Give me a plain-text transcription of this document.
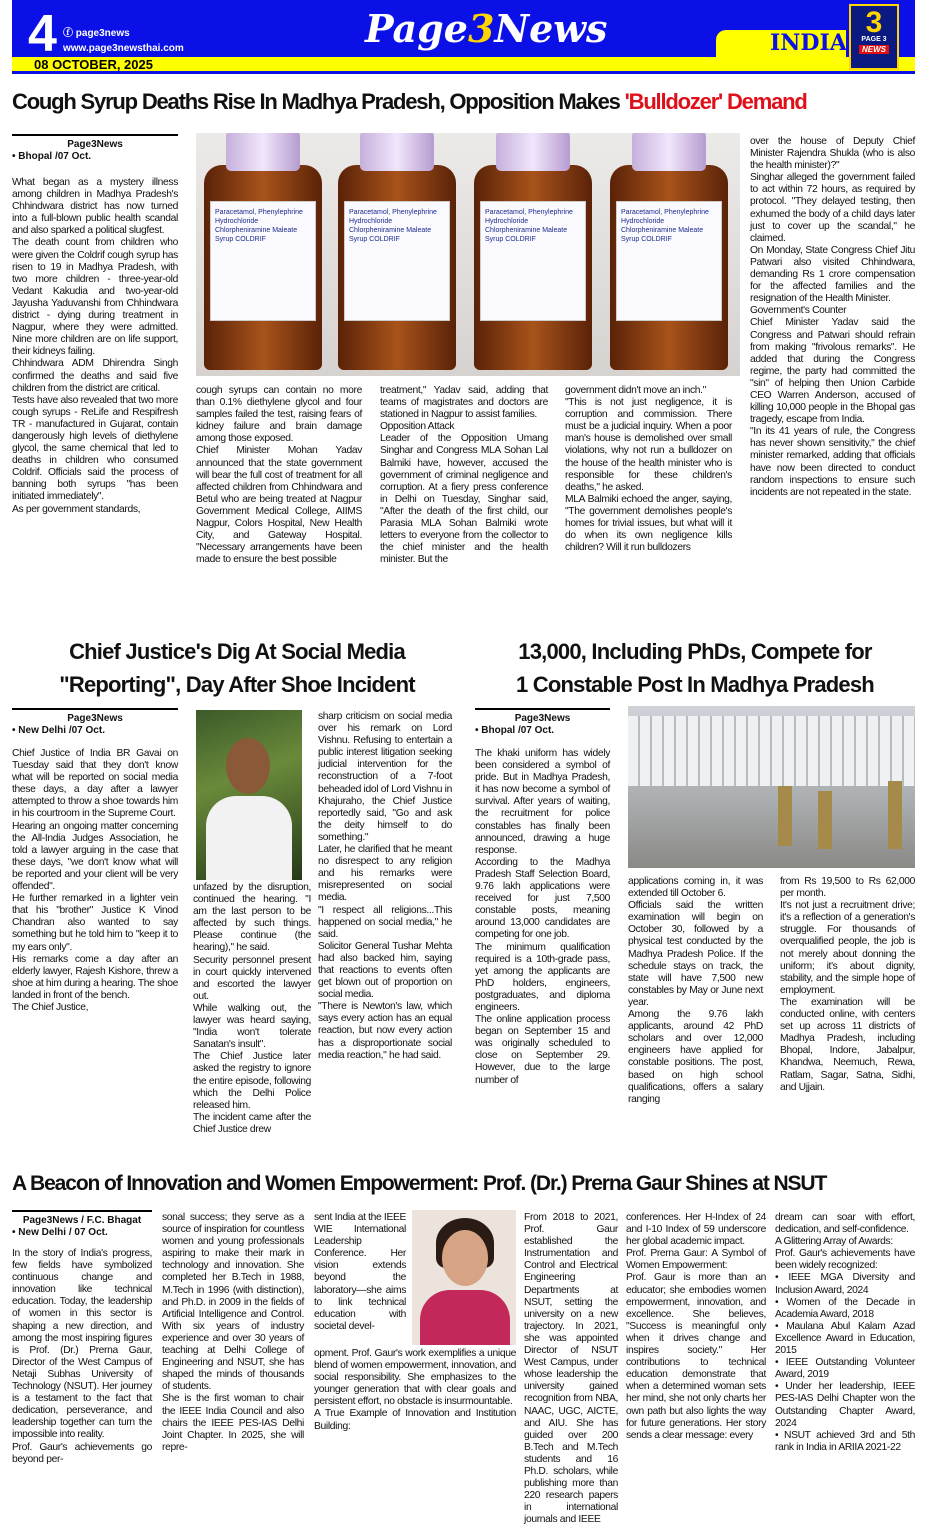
4 ⓕ page3news
www.page3newsthai.com
08 OCTOBER, 2025
Page3News	INDIA
3
PAGE 3
NEWS
Cough Syrup Deaths Rise In Madhya Pradesh, Opposition Makes 'Bulldozer' Demand
Page3News
• Bhopal /07 Oct.

What began as a mystery illness among children in Madhya Pradesh's Chhindwara district has now turned into a full-blown public health scandal and also sparked a political slugfest.

The death count from children who were given the Coldrif cough syrup has risen to 19 in Madhya Pradesh, with two more children - three-year-old Vedant Kakudia and two-year-old Jayusha Yaduvanshi from Chhindwara district - dying during treatment in Nagpur, where they were admitted. Nine more children are on life support, their kidneys failing.

Chhindwara ADM Dhirendra Singh confirmed the deaths and said five children from the district are critical.

Tests have also revealed that two more cough syrups - ReLife and Respifresh TR - manufactured in Gujarat, contain dangerously high levels of diethylene glycol, the same chemical that led to deaths in children who consumed Coldrif. Officials said the process of banning both syrups "has been initiated immediately".

As per government standards,

Paracetamol, Phenylephrine Hydrochloride Chlorpheniramine Maleate Syrup COLDRIF
Paracetamol, Phenylephrine Hydrochloride Chlorpheniramine Maleate Syrup COLDRIF
Paracetamol, Phenylephrine Hydrochloride Chlorpheniramine Maleate Syrup COLDRIF
Paracetamol, Phenylephrine Hydrochloride Chlorpheniramine Maleate Syrup COLDRIF

cough syrups can contain no more than 0.1% diethylene glycol and four samples failed the test, raising fears of kidney failure and brain damage among those exposed.

Chief Minister Mohan Yadav announced that the state government will bear the full cost of treatment for all affected children from Chhindwara and Betul who are being treated at Nagpur Government Medical College, AIIMS Nagpur, Colors Hospital, New Health City, and Gateway Hospital. "Necessary arrangements have been made to ensure the best possible

treatment," Yadav said, adding that teams of magistrates and doctors are stationed in Nagpur to assist families.

Opposition Attack

Leader of the Opposition Umang Singhar and Congress MLA Sohan Lal Balmiki have, however, accused the government of criminal negligence and corruption. At a fiery press conference in Delhi on Tuesday, Singhar said, "After the death of the first child, our Parasia MLA Sohan Balmiki wrote letters to everyone from the collector to the chief minister and the health minister. But the

government didn't move an inch."

"This is not just negligence, it is corruption and commission. There must be a judicial inquiry. When a poor man's house is demolished over small violations, why not run a bulldozer on the house of the health minister who is responsible for these children's deaths," he asked.

MLA Balmiki echoed the anger, saying, "The government demolishes people's homes for trivial issues, but what will it do when its own negligence kills children? Will it run bulldozers

over the house of Deputy Chief Minister Rajendra Shukla (who is also the health minister)?"

Singhar alleged the government failed to act within 72 hours, as required by protocol. "They delayed testing, then exhumed the body of a child days later just to cover up the scandal," he claimed.

On Monday, State Congress Chief Jitu Patwari also visited Chhindwara, demanding Rs 1 crore compensation for the affected families and the resignation of the Health Minister.

Government's Counter

Chief Minister Yadav said the Congress and Patwari should refrain from making "frivolous remarks". He added that during the Congress regime, the party had committed the "sin" of helping then Union Carbide CEO Warren Anderson, accused of killing 10,000 people in the Bhopal gas tragedy, escape from India.

"In its 41 years of rule, the Congress has never shown sensitivity," the chief minister remarked, adding that officials have now been directed to conduct random inspections to ensure such incidents are not repeated in the state.

Chief Justice's Dig At Social Media
"Reporting", Day After Shoe Incident
Page3News
• New Delhi /07 Oct.

Chief Justice of India BR Gavai on Tuesday said that they don't know what will be reported on social media these days, a day after a lawyer attempted to throw a shoe towards him in his courtroom in the Supreme Court.

Hearing an ongoing matter concerning the All-India Judges Association, he told a lawyer arguing in the case that these days, "we don't know what will be reported and your client will be very offended".

He further remarked in a lighter vein that his "brother" Justice K Vinod Chandran also wanted to say something but he told him to "keep it to my ears only".

His remarks come a day after an elderly lawyer, Rajesh Kishore, threw a shoe at him during a hearing. The shoe landed in front of the bench.

The Chief Justice,

unfazed by the disruption, continued the hearing. "I am the last person to be affected by such things. Please continue (the hearing)," he said.

Security personnel present in court quickly intervened and escorted the lawyer out.

While walking out, the lawyer was heard saying, "India won't tolerate Sanatan's insult".

The Chief Justice later asked the registry to ignore the entire episode, following which the Delhi Police released him.

The incident came after the Chief Justice drew

sharp criticism on social media over his remark on Lord Vishnu. Refusing to entertain a public interest litigation seeking judicial intervention for the reconstruction of a 7-foot beheaded idol of Lord Vishnu in Khajuraho, the Chief Justice reportedly said, "Go and ask the deity himself to do something."

Later, he clarified that he meant no disrespect to any religion and his remarks were misrepresented on social media.

"I respect all religions...This happened on social media," he said.

Solicitor General Tushar Mehta had also backed him, saying that reactions to events often get blown out of proportion on social media.

"There is Newton's law, which says every action has an equal reaction, but now every action has a disproportionate social media reaction," he had said.

13,000, Including PhDs, Compete for
1 Constable Post In Madhya Pradesh
Page3News
• Bhopal /07 Oct.

The khaki uniform has widely been considered a symbol of pride. But in Madhya Pradesh, it has now become a symbol of survival. After years of waiting, the recruitment for police constables has finally been announced, drawing a huge response.

According to the Madhya Pradesh Staff Selection Board, 9.76 lakh applications were received for just 7,500 constable posts, meaning around 13,000 candidates are competing for one job.

The minimum qualification required is a 10th-grade pass, yet among the applicants are PhD holders, engineers, postgraduates, and diploma engineers.

The online application process began on September 15 and was originally scheduled to close on September 29. However, due to the large number of

applications coming in, it was extended till October 6.

Officials said the written examination will begin on October 30, followed by a physical test conducted by the Madhya Pradesh Police. If the schedule stays on track, the state will have 7,500 new constables by May or June next year.

Among the 9.76 lakh applicants, around 42 PhD scholars and over 12,000 engineers have applied for constable positions. The post, based on high school qualifications, offers a salary ranging

from Rs 19,500 to Rs 62,000 per month.

It's not just a recruitment drive; it's a reflection of a generation's struggle. For thousands of overqualified people, the job is not merely about donning the uniform; it's about dignity, stability, and the simple hope of employment.

The examination will be conducted online, with centers set up across 11 districts of Madhya Pradesh, including Bhopal, Indore, Jabalpur, Khandwa, Neemuch, Rewa, Ratlam, Sagar, Satna, Sidhi, and Ujjain.

A Beacon of Innovation and Women Empowerment: Prof. (Dr.) Prerna Gaur Shines at NSUT
Page3News / F.C. Bhagat
• New Delhi / 07 Oct.

In the story of India's progress, few fields have symbolized continuous change and innovation like technical education. Today, the leadership of women in this sector is shaping a new direction, and among the most inspiring figures is Prof. (Dr.) Prerna Gaur, Director of the West Campus of Netaji Subhas University of Technology (NSUT). Her journey is a testament to the fact that dedication, perseverance, and leadership together can turn the impossible into reality.

Prof. Gaur's achievements go beyond per-

sonal success; they serve as a source of inspiration for countless women and young professionals aspiring to make their mark in technology and innovation. She completed her B.Tech in 1988, M.Tech in 1996 (with distinction), and Ph.D. in 2009 in the fields of Artificial Intelligence and Control. With six years of industry experience and over 30 years of teaching at Delhi College of Engineering and NSUT, she has shaped the minds of thousands of students.

She is the first woman to chair the IEEE India Council and also chairs the IEEE PES-IAS Delhi Joint Chapter. In 2025, she will repre-

sent India at the IEEE WIE International Leadership Conference. Her vision extends beyond the laboratory—she aims to link technical education with societal devel-

opment. Prof. Gaur's work exemplifies a unique blend of women empowerment, innovation, and social responsibility. She emphasizes to the younger generation that with clear goals and persistent effort, no obstacle is insurmountable.

A True Example of Innovation and Institution Building:

From 2018 to 2021, Prof. Gaur established the Instrumentation and Control and Electrical Engineering Departments at NSUT, setting the university on a new trajectory. In 2021, she was appointed Director of NSUT West Campus, under whose leadership the university gained recognition from NBA, NAAC, UGC, AICTE, and AIU. She has guided over 200 B.Tech and M.Tech students and 16 Ph.D. scholars, while publishing more than 220 research papers in international journals and IEEE

conferences. Her H-Index of 24 and I-10 Index of 59 underscore her global academic impact.

Prof. Prerna Gaur: A Symbol of Women Empowerment:

Prof. Gaur is more than an educator; she embodies women empowerment, innovation, and excellence. She believes, "Success is meaningful only when it drives change and inspires society." Her contributions to technical education demonstrate that when a determined woman sets her mind, she not only charts her own path but also lights the way for future generations. Her story sends a clear message: every

dream can soar with effort, dedication, and self-confidence.

A Glittering Array of Awards:

Prof. Gaur's achievements have been widely recognized:

• IEEE MGA Diversity and Inclusion Award, 2024

• Women of the Decade in Academia Award, 2018

• Maulana Abul Kalam Azad Excellence Award in Education, 2015

• IEEE Outstanding Volunteer Award, 2019

• Under her leadership, IEEE PES-IAS Delhi Chapter won the Outstanding Chapter Award, 2024

• NSUT achieved 3rd and 5th rank in India in ARIIA 2021-22
